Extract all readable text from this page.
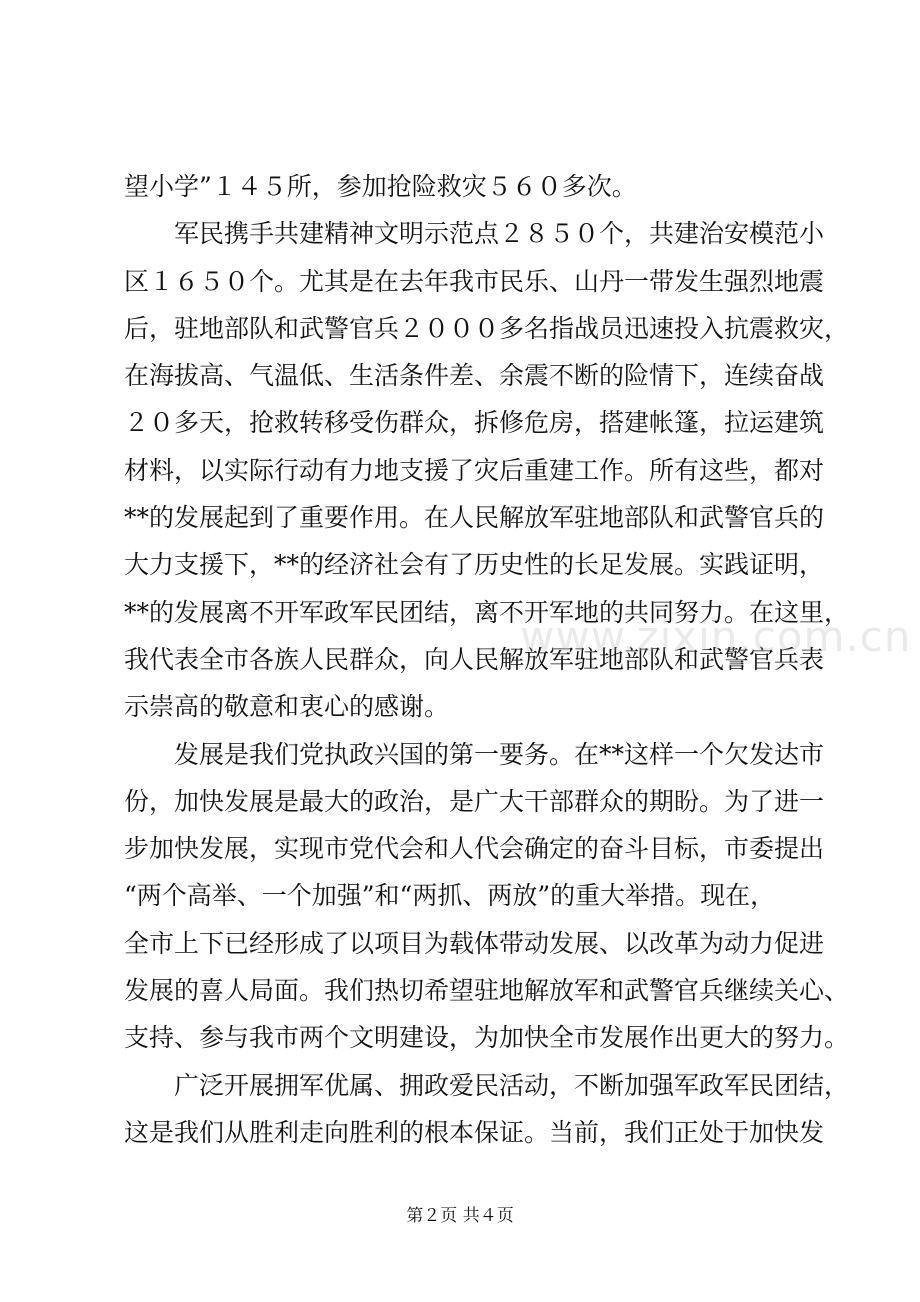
望小学”１４５所，参加抢险救灾５６０多次。
　　军民携手共建精神文明示范点２８５０个，共建治安模范小
区１６５０个。尤其是在去年我市民乐、山丹一带发生强烈地震
后，驻地部队和武警官兵２０００多名指战员迅速投入抗震救灾，
在海拔高、气温低、生活条件差、余震不断的险情下，连续奋战
２０多天，抢救转移受伤群众，拆修危房，搭建帐篷，拉运建筑
材料，以实际行动有力地支援了灾后重建工作。所有这些，都对
**的发展起到了重要作用。在人民解放军驻地部队和武警官兵的
大力支援下，**的经济社会有了历史性的长足发展。实践证明，
**的发展离不开军政军民团结，离不开军地的共同努力。在这里，
我代表全市各族人民群众，向人民解放军驻地部队和武警官兵表
示崇高的敬意和衷心的感谢。
　　发展是我们党执政兴国的第一要务。在**这样一个欠发达市
份，加快发展是最大的政治，是广大干部群众的期盼。为了进一
步加快发展，实现市党代会和人代会确定的奋斗目标，市委提出
“两个高举、一个加强”和“两抓、两放”的重大举措。现在，
全市上下已经形成了以项目为载体带动发展、以改革为动力促进
发展的喜人局面。我们热切希望驻地解放军和武警官兵继续关心、
支持、参与我市两个文明建设，为加快全市发展作出更大的努力。
　　广泛开展拥军优属、拥政爱民活动，不断加强军政军民团结，
这是我们从胜利走向胜利的根本保证。当前，我们正处于加快发
www.zixin.com.cn
第２页 共４页
